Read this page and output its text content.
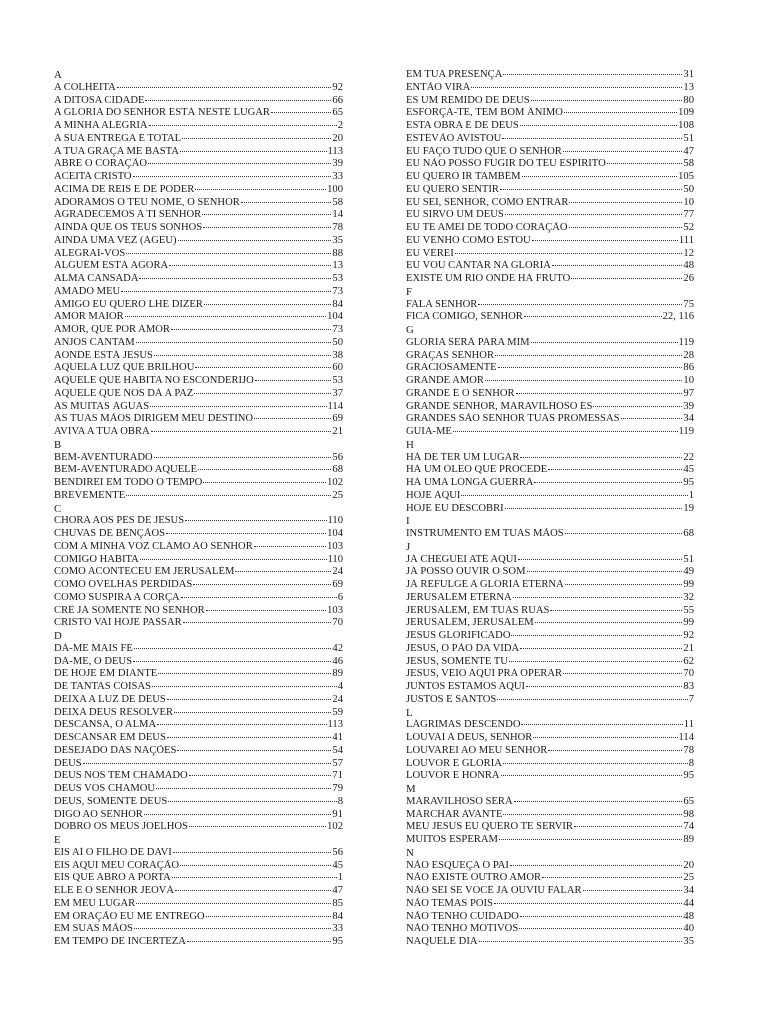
A
A COLHEITA	92
A DITOSA CIDADE	66
A GLÓRIA DO SENHOR ESTÁ NESTE LUGAR	65
A MINHA ALEGRIA	2
A SUA ENTREGA É TOTAL	20
A TUA GRAÇA ME BASTA	113
ABRE O CORAÇÃO	39
ACEITA CRISTO	33
ACIMA DE REIS E DE PODER	100
ADORAMOS O TEU NOME, Ó SENHOR	58
AGRADECEMOS A TI SENHOR	14
AINDA QUE OS TEUS SONHOS	78
AINDA UMA VEZ (AGEU)	35
ALEGRAI-VOS	88
ALGUÉM ESTÁ AGORA	13
ALMA CANSADA	53
AMADO MEU	73
AMIGO EU QUERO LHE DIZER	84
AMOR MAIOR	104
AMOR, QUE POR AMOR	73
ANJOS CANTAM	50
AONDE ESTÁ JESUS	38
AQUELA LUZ QUE BRILHOU	60
AQUELE QUE HABITA NO ESCONDERIJO	53
AQUELE QUE NOS DÁ A PAZ	37
AS MUITAS ÁGUAS	114
AS TUAS MÃOS DIRIGEM MEU DESTINO	69
AVIVA A TUA OBRA	21
B
BEM-AVENTURADO	56
BEM-AVENTURADO AQUELE	68
BENDIREI EM TODO O TEMPO	102
BREVEMENTE	25
C
CHORA AOS PÉS DE JESUS	110
CHUVAS DE BÊNÇÃOS	104
COM A MINHA VOZ CLAMO AO SENHOR	103
COMIGO HABITA	110
COMO ACONTECEU EM JERUSALÉM	24
COMO OVELHAS PERDIDAS	69
COMO SUSPIRA A CORÇA	6
CRÊ JÁ SOMENTE NO SENHOR	103
CRISTO VAI HOJE PASSAR	70
D
DÁ-ME MAIS FÉ	42
DÁ-ME, Ó DEUS	46
DE HOJE EM DIANTE	89
DE TANTAS COISAS	4
DEIXA A LUZ DE DEUS	24
DEIXA DEUS RESOLVER	59
DESCANSA, Ó ALMA	113
DESCANSAR EM DEUS	41
DESEJADO DAS NAÇÕES	54
DEUS	57
DEUS NOS TEM CHAMADO	71
DEUS VOS CHAMOU	79
DEUS, SOMENTE DEUS	8
DIGO AO SENHOR	91
DOBRO OS MEUS JOELHOS	102
E
EIS AÍ O FILHO DE DAVI	56
EIS AQUI MEU CORAÇÃO	45
EIS QUE ABRO A PORTA	1
ELE É O SENHOR JEOVÁ	47
EM MEU LUGAR	85
EM ORAÇÃO EU ME ENTREGO	84
EM SUAS MÃOS	33
EM TEMPO DE INCERTEZA	95
EM TUA PRESENÇA	31
ENTÃO VIRÁ	13
ÉS UM REMIDO DE DEUS	80
ESFORÇA-TE, TEM BOM ÂNIMO	109
ESTA OBRA É DE DEUS	108
ESTÊVÃO AVISTOU	51
EU FAÇO TUDO QUE O SENHOR	47
EU NÃO POSSO FUGIR DO TEU ESPÍRITO	58
EU QUERO IR TAMBÉM	105
EU QUERO SENTIR	50
EU SEI, SENHOR, COMO ENTRAR	10
EU SIRVO UM DEUS	77
EU TE AMEI DE TODO CORAÇÃO	52
EU VENHO COMO ESTOU	111
EU VEREI	12
EU VOU CANTAR NA GLÓRIA	48
EXISTE UM RIO ONDE HÁ FRUTO	26
F
FALA SENHOR	75
FICA COMIGO, SENHOR	22, 116
G
GLÓRIA SERÁ PARA MIM	119
GRAÇAS SENHOR	28
GRACIOSAMENTE	86
GRANDE AMOR	10
GRANDE É O SENHOR	97
GRANDE SENHOR, MARAVILHOSO ÉS	39
GRANDES SÃO SENHOR TUAS PROMESSAS	34
GUIA-ME	119
H
HÁ DE TER UM LUGAR	22
HÁ UM ÓLEO QUE PROCEDE	45
HÁ UMA LONGA GUERRA	95
HOJE AQUI	1
HOJE EU DESCOBRI	19
I
INSTRUMENTO EM TUAS MÃOS	68
J
JÁ CHEGUEI ATÉ AQUI	51
JÁ POSSO OUVIR O SOM	49
JÁ REFULGE A GLÓRIA ETERNA	99
JERUSALÉM ETERNA	32
JERUSALÉM, EM TUAS RUAS	55
JERUSALÉM, JERUSALÉM	99
JESUS GLORIFICADO	92
JESUS, O PÃO DA VIDA	21
JESUS, SOMENTE TU	62
JESUS, VEIO AQUI PRA OPERAR	70
JUNTOS ESTAMOS AQUI	83
JUSTOS E SANTOS	7
L
LÁGRIMAS DESCENDO	11
LOUVAI A DEUS, SENHOR	114
LOUVAREI AO MEU SENHOR	78
LOUVOR E GLÓRIA	8
LOUVOR E HONRA	95
M
MARAVILHOSO SERÁ	65
MARCHAR AVANTE	98
MEU JESUS EU QUERO TE SERVIR	74
MUITOS ESPERAM	89
N
NÃO ESQUEÇA Ó PAI	20
NÃO EXISTE OUTRO AMOR	25
NÃO SEI SE VOCÊ JÁ OUVIU FALAR	34
NÃO TEMAS POIS	44
NÃO TENHO CUIDADO	48
NÃO TENHO MOTIVOS	40
NAQUELE DIA	35
